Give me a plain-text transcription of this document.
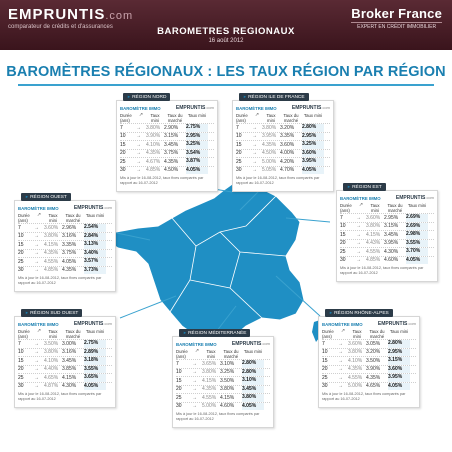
EMPRUNTIS.com
comparateur de crédits et d'assurances	BAROMETRES REGIONAUX
16 août 2012
Broker France
EXPERT EN CRÉDIT IMMOBILIER
BAROMÈTRES RÉGIONAUX : LES TAUX RÉGION PAR RÉGION
► RÉGION NORD
BAROMÈTRE IMMO	EMPRUNTIS.com
Durée (ans)
↗	Taux mini
Taux du marché
Taux mini
7	→	3.80% 2.90%	2.75%
10	→	3.90% 3.15%	2.95%
15	→	4.10% 3.45%	3.25%
20	→	4.35% 3.75%	3.54%
25	→	4.67% 4.35%	3.87%
30	→	4.85% 4.50%	4.05%
Mis à jour le 16-08-2012, taux fixes comparés par rapport au 16-07-2012
► RÉGION ILE DE FRANCE
BAROMÈTRE IMMO	EMPRUNTIS.com
Durée (ans)
↗	Taux mini
Taux du marché
Taux mini
7	→	3.80% 3.20%	2.80%
10	→	3.95% 3.35%	2.95%
15	→	4.35% 3.60%	3.25%
20	→	4.50% 4.00%	3.60%
25	→	5.00% 4.20%	3.95%
30	→	5.05% 4.70%	4.05%
Mis à jour le 16-08-2012, taux fixes comparés par rapport au 16-07-2012
► RÉGION OUEST
BAROMÈTRE IMMO	EMPRUNTIS.com
Durée (ans)
↗	Taux mini
Taux du marché
Taux mini
7	→	3.60% 2.96%	2.54%
10	→	3.80% 3.16%	2.84%
15	→	4.15% 3.35%	3.13%
20	→	4.35% 3.75%	3.40%
25	→	4.55% 4.05%	3.57%
30	→	4.85% 4.35%	3.73%
Mis à jour le 16-08-2012, taux fixes comparés par rapport au 16-07-2012
► RÉGION EST
BAROMÈTRE IMMO	EMPRUNTIS.com
Durée (ans)
↗	Taux mini
Taux du marché
Taux mini
7	→	3.60% 2.95%	2.69%
10	→	3.80% 3.15%	2.69%
15	→	4.15% 3.45%	2.98%
20	→	4.43% 3.95%	3.55%
25	→	4.55% 4.30%	3.70%
30	→	4.85% 4.60%	4.05%
Mis à jour le 16-08-2012, taux fixes comparés par rapport au 16-07-2012
► RÉGION SUD OUEST
BAROMÈTRE IMMO	EMPRUNTIS.com
Durée (ans)
↗	Taux mini
Taux du marché
Taux mini
7	→	3.50% 3.00%	2.75%
10	→	3.80% 3.16%	2.89%
15	→	4.10% 3.45%	3.18%
20	→	4.40% 3.85%	3.55%
25	→	4.65% 4.15%	3.65%
30	→	4.87% 4.30%	4.05%
Mis à jour le 16-08-2012, taux fixes comparés par rapport au 16-07-2012
► RÉGION MÉDITERRANÉE
BAROMÈTRE IMMO	EMPRUNTIS.com
Durée (ans)
↗	Taux mini
Taux du marché
Taux mini
7	→	3.65% 3.10%	2.80%
10	→	3.80% 3.25%	2.80%
15	→	4.15% 3.50%	3.10%
20	→	4.35% 3.80%	3.45%
25	→	4.55% 4.15%	3.80%
30	→	5.00% 4.60%	4.05%
Mis à jour le 16-08-2012, taux fixes comparés par rapport au 16-07-2012
► RÉGION RHÔNE-ALPES
BAROMÈTRE IMMO	EMPRUNTIS.com
Durée (ans)
↗	Taux mini
Taux du marché
Taux mini
7	→	3.60% 3.05%	2.80%
10	→	3.80% 3.20%	2.95%
15	→	4.10% 3.50%	3.15%
20	→	4.35% 3.90%	3.60%
25	→	4.55% 4.35%	3.95%
30	→	5.00% 4.65%	4.05%
Mis à jour le 16-08-2012, taux fixes comparés par rapport au 16-07-2012
